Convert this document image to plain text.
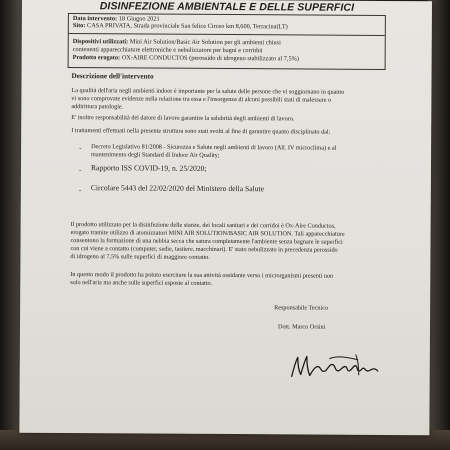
DISINFEZIONE AMBIENTALE E DELLE SUPERFICI
Data intervento: 18 Giugno 2021
Sito: CASA PRIVATA, Strada provinciale San felice Circeo km 8,600, Terracina(LT)
Dispositivi utilizzati: Mini Air Solution/Basic Air Solution per gli ambienti chiusi
contenenti apparecchiature elettroniche e nebulizzatore per bagni e corridoi
Prodotto erogato: OX-AIRE CONDUCTOS (perossido di idrogeno stabilizzato al 7,5%)
Descrizione dell'intervento
La qualità dell'aria negli ambienti indoor è importante per la salute delle persone che vi soggiornano in quanto
vi sono comprovate evidenze nella relazione tra essa e l'insorgenza di alcuni possibili stati di malessere o
addirittura patologie.
E' inoltre responsabilità del datore di lavoro garantire la salubrità degli ambienti di lavoro.
I trattamenti effettuati nella presente struttura sono stati svolti al fine di garantire quanto disciplinato dal:
- Decreto Legislativo 81/2008 - Sicurezza e Salute negli ambienti di lavoro (All. IV microclima) e al
mantenimento degli Standard di Indoor Air Quality;
- Rapporto ISS COVID-19, n. 25/2020;
- Circolare 5443 del 22/02/2020 del Ministero della Salute
Il prodotto utilizzato per la disinfezione delle stanze, dei locali sanitari e dei corridoi è Ox-Aire Conductos,
erogato tramite utilizzo di atomizzatori MINI AIR SOLUTION/BASIC AIR SOLUTION. Tali apparecchiature
consentono la formazione di una nebbia secca che satura completamente l'ambiente senza bagnare le superfici
con cui viene a contatto (computer, sedie, tastiere, macchinari). E' stato nebulizzato in precedenza perossido
di idrogeno al 7,5% sulle superfici di maggiore contatto.
In questo modo il prodotto ha potuto esercitare la sua attività ossidante verso i microrganismi presenti non
solo nell'aria ma anche sulle superfici esposte al contatto.
Responsabile Tecnico
Dott. Marco Orsini
